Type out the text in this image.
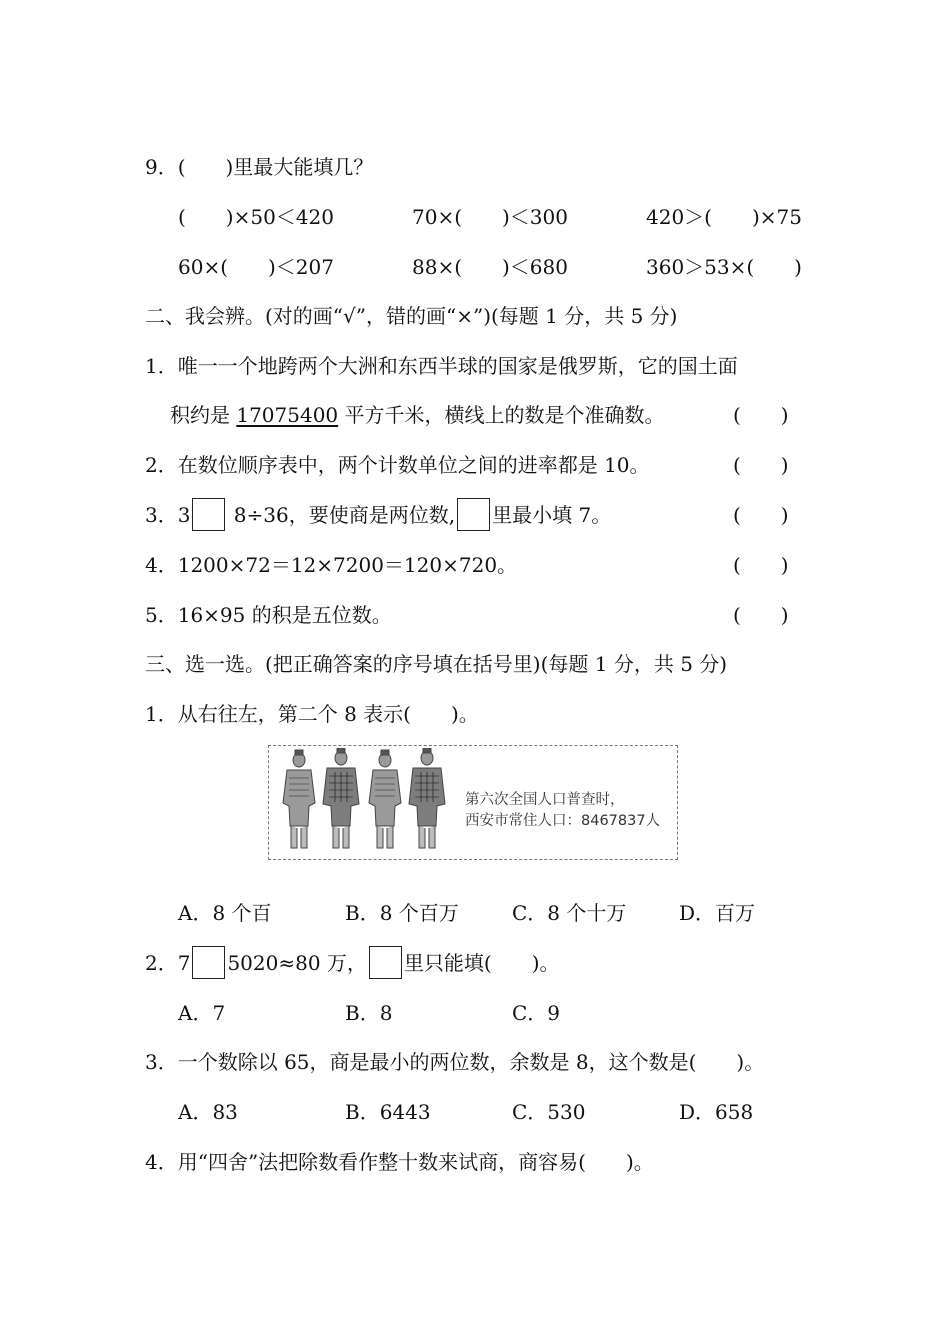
9．(　　)里最大能填几？
(　　)×50＜420	70×(　　)＜300	420＞(　　)×75
60×(　　)＜207	88×(　　)＜680	360＞53×(　　)
二、我会辨。(对的画“√”，错的画“×”)(每题 1 分，共 5 分)
1．唯一一个地跨两个大洲和东西半球的国家是俄罗斯，它的国土面
积约是 17075400 平方千米，横线上的数是个准确数。	(　　)
2．在数位顺序表中，两个计数单位之间的进率都是 10。	(　　)
3．3 8÷36，要使商是两位数, 里最小填 7。	(　　)
4．1200×72＝12×7200＝120×720。	(　　)
5．16×95 的积是五位数。	(　　)
三、选一选。(把正确答案的序号填在括号里)(每题 1 分，共 5 分)
1．从右往左，第二个 8 表示(　　)。
第六次全国人口普查时，
西安市常住人口：8467837人
A．8 个百	B．8 个百万	C．8 个十万	D．百万
2．7 5020≈80 万， 里只能填(　　)。
A．7	B．8	C．9
3．一个数除以 65，商是最小的两位数，余数是 8，这个数是(　　)。
A．83	B．6443	C．530	D．658
4．用“四舍”法把除数看作整十数来试商，商容易(　　)。
